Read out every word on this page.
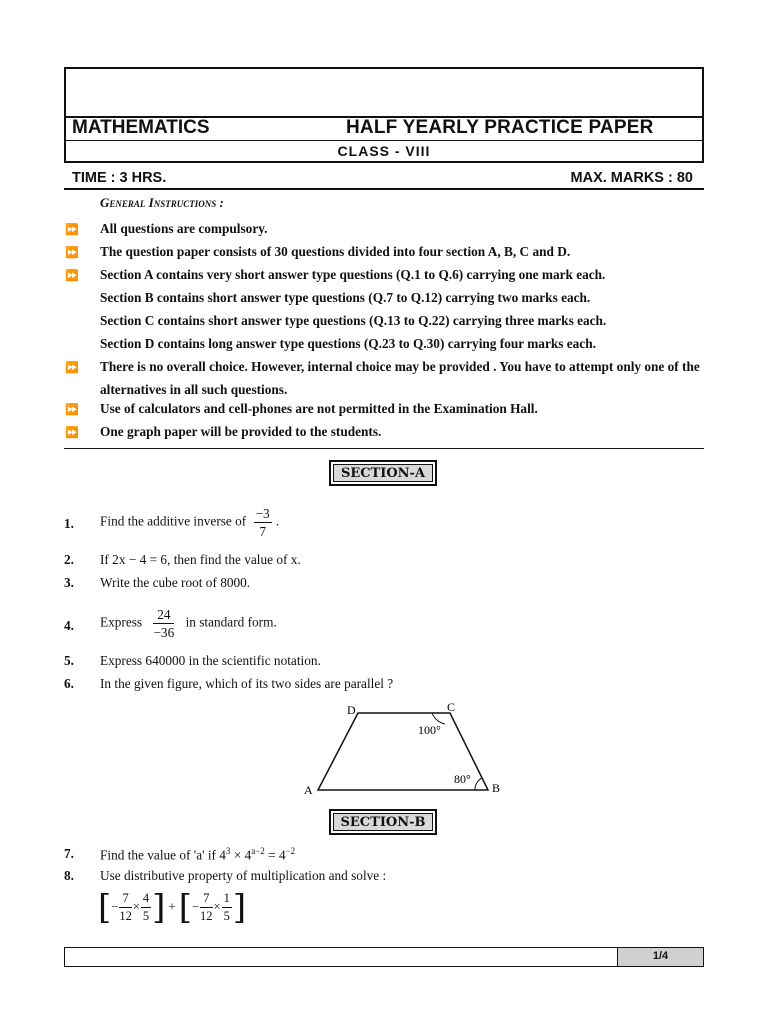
MATHEMATICS	HALF YEARLY PRACTICE PAPER
CLASS - VIII
TIME : 3 HRS.	MAX. MARKS : 80
General Instructions :
⏩ All questions are compulsory.
⏩ The question paper consists of 30 questions divided into four section A, B, C and D.
⏩ Section A contains very short answer type questions (Q.1 to Q.6) carrying one mark each.
Section B contains short answer type questions (Q.7 to Q.12) carrying two marks each.
Section C contains short answer type questions (Q.13 to Q.22) carrying three marks each.
Section D contains long answer type questions (Q.23 to Q.30) carrying four marks each.
⏩ There is no overall choice. However, internal choice may be provided . You have to attempt only one of the alternatives in all such questions.
⏩ Use of calculators and cell-phones are not permitted in the Examination Hall.
⏩ One graph paper will be provided to the students.
SECTION-A
1. Find the additive inverse of $\frac{-3}{7}$ .
2. If 2x − 4 = 6, then find the value of x.
3. Write the cube root of 8000.
4. Express $\frac{24}{-36}$ in standard form.
5. Express 640000 in the scientific notation.
6. In the given figure, which of its two sides are parallel ?
D	C
A	B
100°
80°
SECTION-B
7. Find the value of 'a' if $4^3 \times 4^{a-2} = 4^{-2}$
8. Use distributive property of multiplication and solve :
[− $\frac{7}{12} \times \frac{4}{5}$ ] + [− $\frac{7}{12} \times \frac{1}{5}$ ]
1/4
